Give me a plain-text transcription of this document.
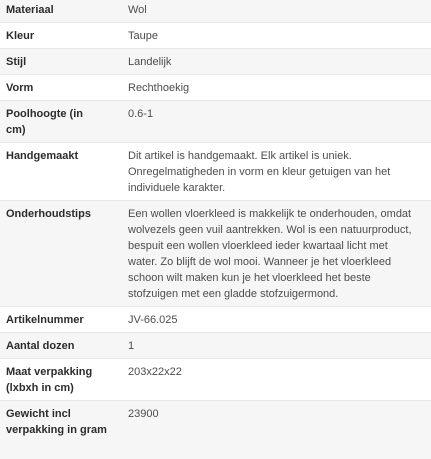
Materiaal	Wol
Kleur	Taupe
Stijl	Landelijk
Vorm	Rechthoekig
Poolhoogte (in cm)	0.6-1
Handgemaakt	Dit artikel is handgemaakt. Elk artikel is uniek. Onregelmatigheden in vorm en kleur getuigen van het individuele karakter.
Onderhoudstips	Een wollen vloerkleed is makkelijk te onderhouden, omdat wolvezels geen vuil aantrekken. Wol is een natuurproduct, bespuit een wollen vloerkleed ieder kwartaal licht met water. Zo blijft de wol mooi. Wanneer je het vloerkleed schoon wilt maken kun je het vloerkleed het beste stofzuigen met een gladde stofzuigermond.
Artikelnummer	JV-66.025
Aantal dozen	1
Maat verpakking (lxbxh in cm)	203x22x22
Gewicht incl verpakking in gram	23900
